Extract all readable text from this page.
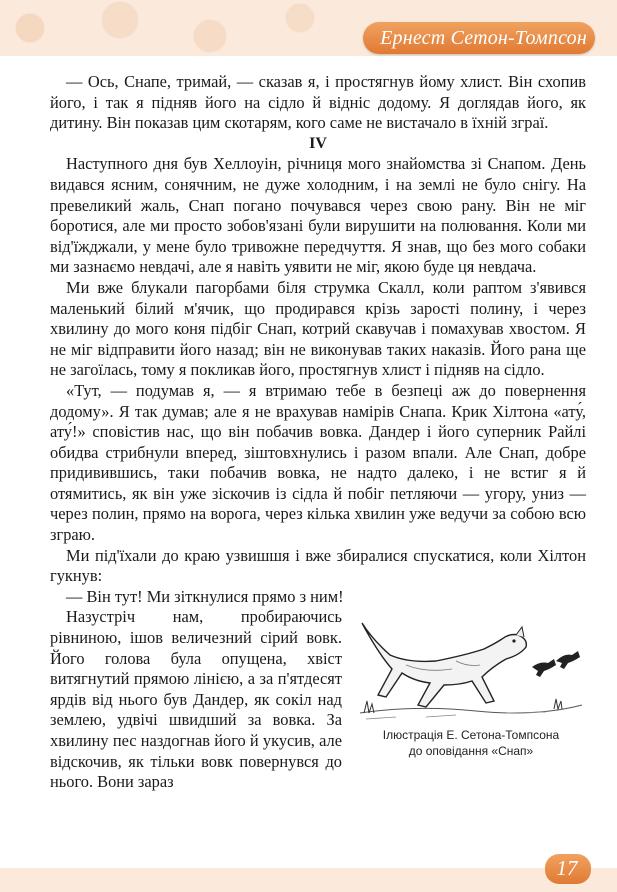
Ернест Сетон-Томпсон

— Ось, Снапе, тримай, — сказав я, і простягнув йому хлист. Він схопив його, і так я підняв його на сідло й відніс додому. Я доглядав його, як дитину. Він показав цим скотарям, кого саме не вистачало в їхній зграї.

IV

Наступного дня був Хеллоуін, річниця мого знайомства зі Снапом. День видався ясним, сонячним, не дуже холодним, і на землі не було снігу. На превеликий жаль, Снап погано почувався через свою рану. Він не міг боротися, але ми просто зобов'язані були вирушити на полювання. Коли ми від'їжджали, у мене було тривожне передчуття. Я знав, що без мого собаки ми зазнаємо невдачі, але я навіть уявити не міг, якою буде ця невдача.

Ми вже блукали пагорбами біля струмка Скалл, коли раптом з'явився маленький білий м'ячик, що продирався крізь зарості полину, і через хвилину до мого коня підбіг Снап, котрий скавучав і помахував хвостом. Я не міг відправити його назад; він не виконував таких наказів. Його рана ще не загоїлась, тому я покликав його, простягнув хлист і підняв на сідло.

«Тут, — подумав я, — я втримаю тебе в безпеці аж до повернення додому». Я так думав; але я не врахував намірів Снапа. Крик Хілтона «ату́, ату́!» сповістив нас, що він побачив вовка. Дандер і його суперник Райлі обидва стрибнули вперед, зіштовхнулись і разом впали. Але Снап, добре придивившись, таки побачив вовка, не надто далеко, і не встиг я й отямитись, як він уже зіскочив із сідла й побіг петляючи — угору, униз — через полин, прямо на ворога, через кілька хвилин уже ведучи за собою всю зграю.

Ми під'їхали до краю узвишшя і вже збиралися спускатися, коли Хілтон гукнув:

— Він тут! Ми зіткнулися прямо з ним!

Ілюстрація Е. Сетона-Томпсона
до оповідання «Снап»

Назустріч нам, пробираючись рівниною, ішов величезний сірий вовк. Його голова була опущена, хвіст витягнутий прямою лінією, а за п'ятдесят ярдів від нього був Дандер, як сокіл над землею, удвічі швидший за вовка. За хвилину пес наздогнав його й укусив, але відскочив, як тільки вовк повернувся до нього. Вони зараз

17
